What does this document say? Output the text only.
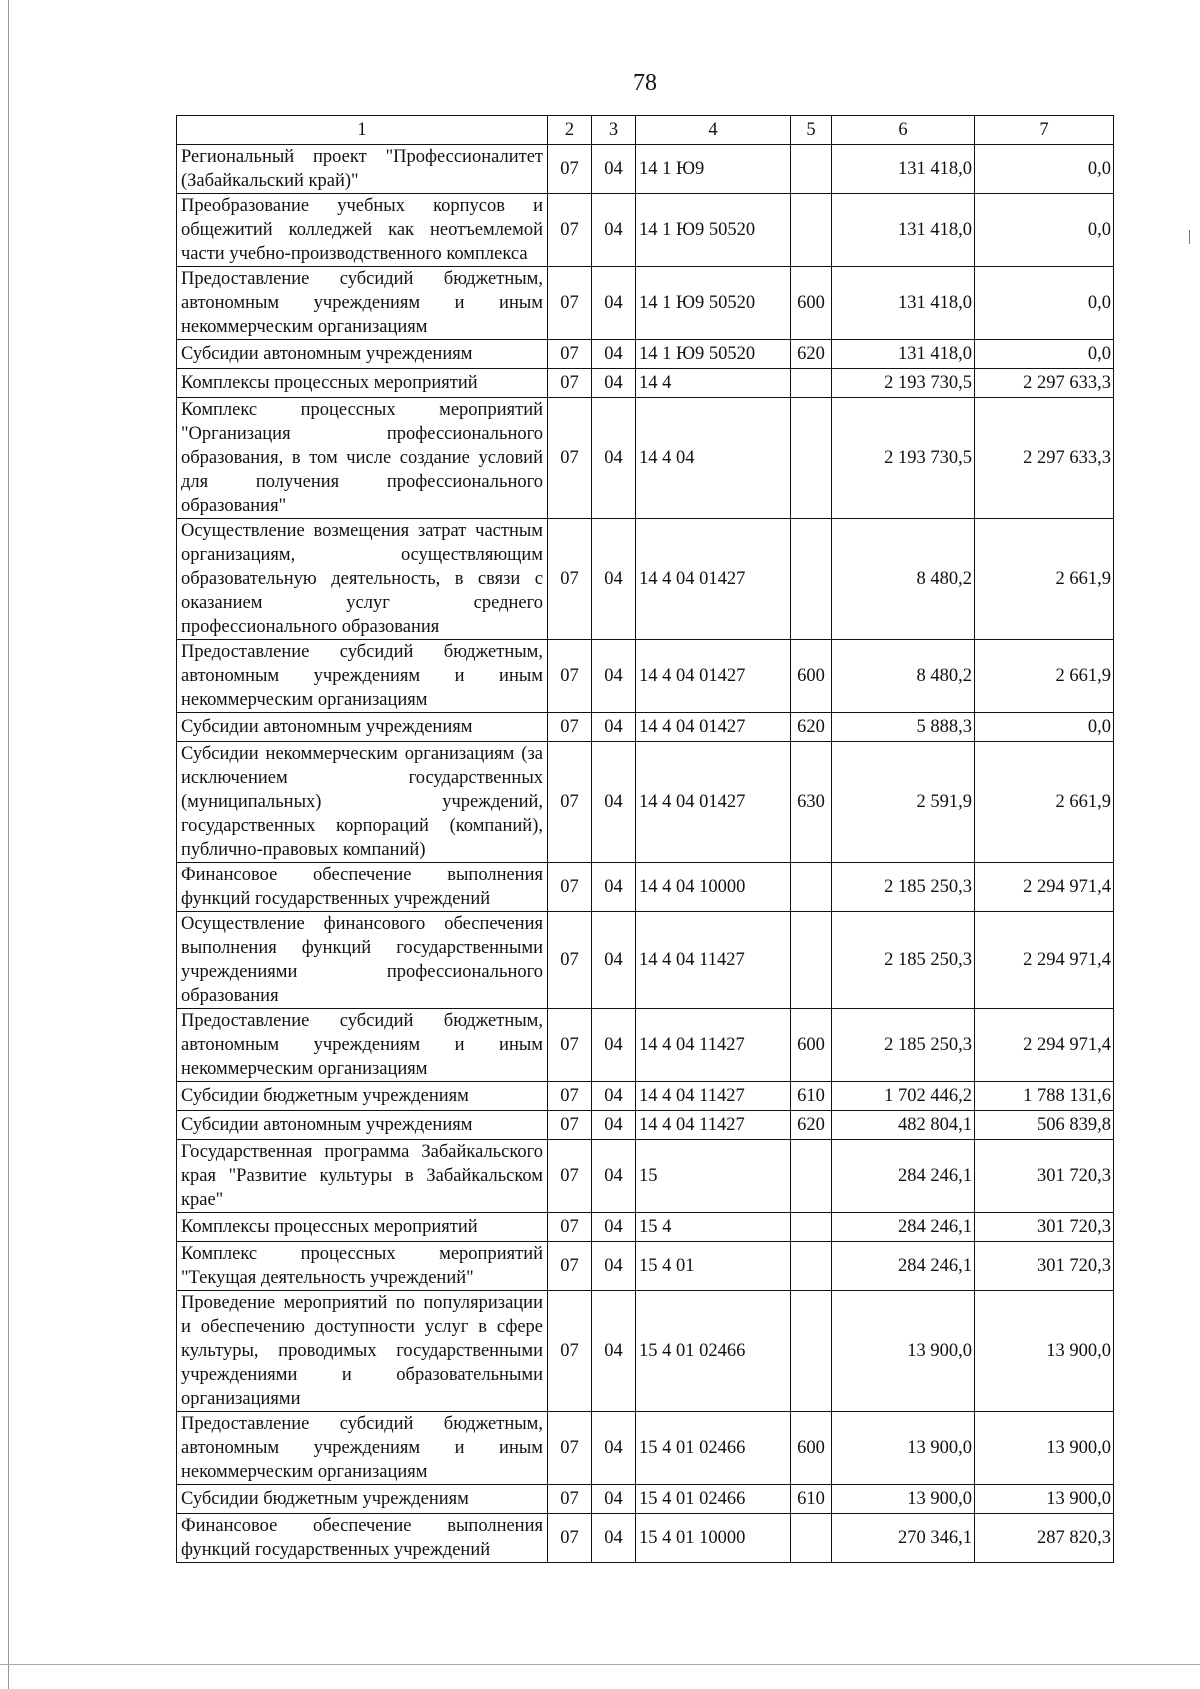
78
1	2	3	4	5	6	7
Региональный проект "Профессионалитет (Забайкальский край)"	07	04	14 1 Ю9		131 418,0	0,0
Преобразование учебных корпусов и общежитий колледжей как неотъемлемой части учебно-производственного комплекса	07	04	14 1 Ю9 50520		131 418,0	0,0
Предоставление субсидий бюджетным, автономным учреждениям и иным некоммерческим организациям	07	04	14 1 Ю9 50520	600	131 418,0	0,0
Субсидии автономным учреждениям	07	04	14 1 Ю9 50520	620	131 418,0	0,0
Комплексы процессных мероприятий	07	04	14 4		2 193 730,5	2 297 633,3
Комплекс процессных мероприятий "Организация профессионального образования, в том числе создание условий для получения профессионального образования"	07	04	14 4 04		2 193 730,5	2 297 633,3
Осуществление возмещения затрат частным организациям, осуществляющим образовательную деятельность, в связи с оказанием услуг среднего профессионального образования	07	04	14 4 04 01427		8 480,2	2 661,9
Предоставление субсидий бюджетным, автономным учреждениям и иным некоммерческим организациям	07	04	14 4 04 01427	600	8 480,2	2 661,9
Субсидии автономным учреждениям	07	04	14 4 04 01427	620	5 888,3	0,0
Субсидии некоммерческим организациям (за исключением государственных (муниципальных) учреждений, государственных корпораций (компаний), публично-правовых компаний)	07	04	14 4 04 01427	630	2 591,9	2 661,9
Финансовое обеспечение выполнения функций государственных учреждений	07	04	14 4 04 10000		2 185 250,3	2 294 971,4
Осуществление финансового обеспечения выполнения функций государственными учреждениями профессионального образования	07	04	14 4 04 11427		2 185 250,3	2 294 971,4
Предоставление субсидий бюджетным, автономным учреждениям и иным некоммерческим организациям	07	04	14 4 04 11427	600	2 185 250,3	2 294 971,4
Субсидии бюджетным учреждениям	07	04	14 4 04 11427	610	1 702 446,2	1 788 131,6
Субсидии автономным учреждениям	07	04	14 4 04 11427	620	482 804,1	506 839,8
Государственная программа Забайкальского края "Развитие культуры в Забайкальском крае"	07	04	15		284 246,1	301 720,3
Комплексы процессных мероприятий	07	04	15 4		284 246,1	301 720,3
Комплекс процессных мероприятий "Текущая деятельность учреждений"	07	04	15 4 01		284 246,1	301 720,3
Проведение мероприятий по популяризации и обеспечению доступности услуг в сфере культуры, проводимых государственными учреждениями и образовательными организациями	07	04	15 4 01 02466		13 900,0	13 900,0
Предоставление субсидий бюджетным, автономным учреждениям и иным некоммерческим организациям	07	04	15 4 01 02466	600	13 900,0	13 900,0
Субсидии бюджетным учреждениям	07	04	15 4 01 02466	610	13 900,0	13 900,0
Финансовое обеспечение выполнения функций государственных учреждений	07	04	15 4 01 10000		270 346,1	287 820,3
